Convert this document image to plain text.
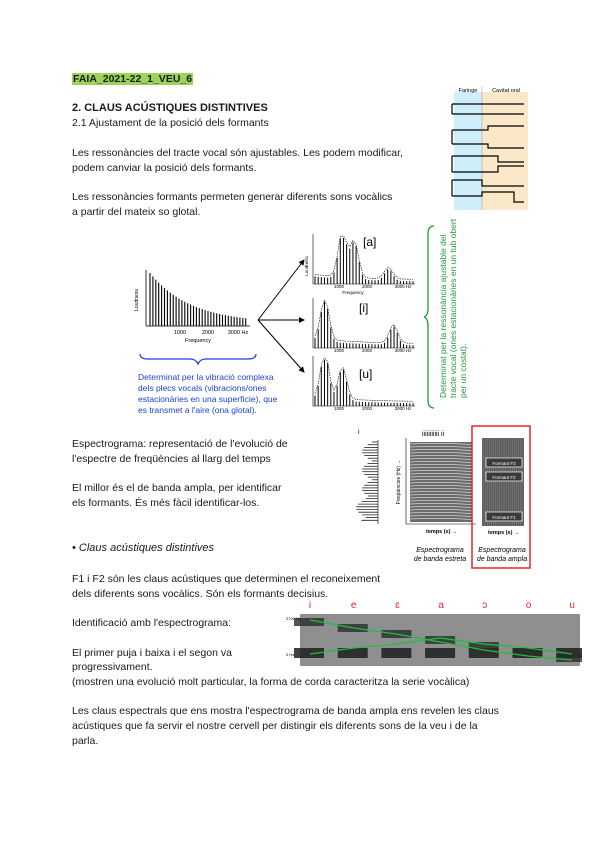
FAIA_2021-22_1_VEU_6
2. CLAUS ACÚSTIQUES DISTINTIVES
2.1 Ajustament de la posició dels formants
Les ressonàncies del tracte vocal són ajustables. Les podem modificar,
podem canviar la posició dels formants.
Les ressonàncies formants permeten generar diferents sons vocàlics
a partir del mateix so glotal.
Faringe	Cavitat oral
Loudness
1000	2000 3000 Hz
Frequency
Determinat per la vibració complexa
dels plecs vocals (vibracions/ones
estacionàries en una superfície), que
es transmet a l'aire (ona glotal).
[a]
[i]
[u]
1000	2000	3000 Hz
Frequency
1000	2000	3000 Hz
1000	2000	3000 Hz
Loudness	Determinat per la ressonància ajustable del tracte vocal (ones estacionàries en un tub obert per un costat).
Espectrograma: representació de l'evolució de
l'espectre de freqüències al llarg del temps
El millor és el de banda ampla, per identificar
els formants. És més fàcil identificar-los.
i	iiiiiiiiiii ii
Freqüències (Hz) →
temps (s) →
Espectrograma
de banda estreta
Formant F3
Formant F2
Formant F1
temps (s) →
Espectrograma
de banda ampla
• Claus acústiques distintives
F1 i F2 són les claus acústiques que determinen el reconeixement
dels diferents sons vocàlics. Són els formants decisius.
Identificació amb l'espectrograma:
El primer puja i baixa i el segon va
progressivament.
(mostren una evolució molt particular, la forma de corda caracteritza la serie vocàlica)
i	e	ɛ	a	ɔ	o	u
2700 Hz
0 Hz
Les claus espectrals que ens mostra l'espectrograma de banda ampla ens revelen les claus
acústiques que fa servir el nostre cervell per distingir els diferents sons de la veu i de la
parla.
